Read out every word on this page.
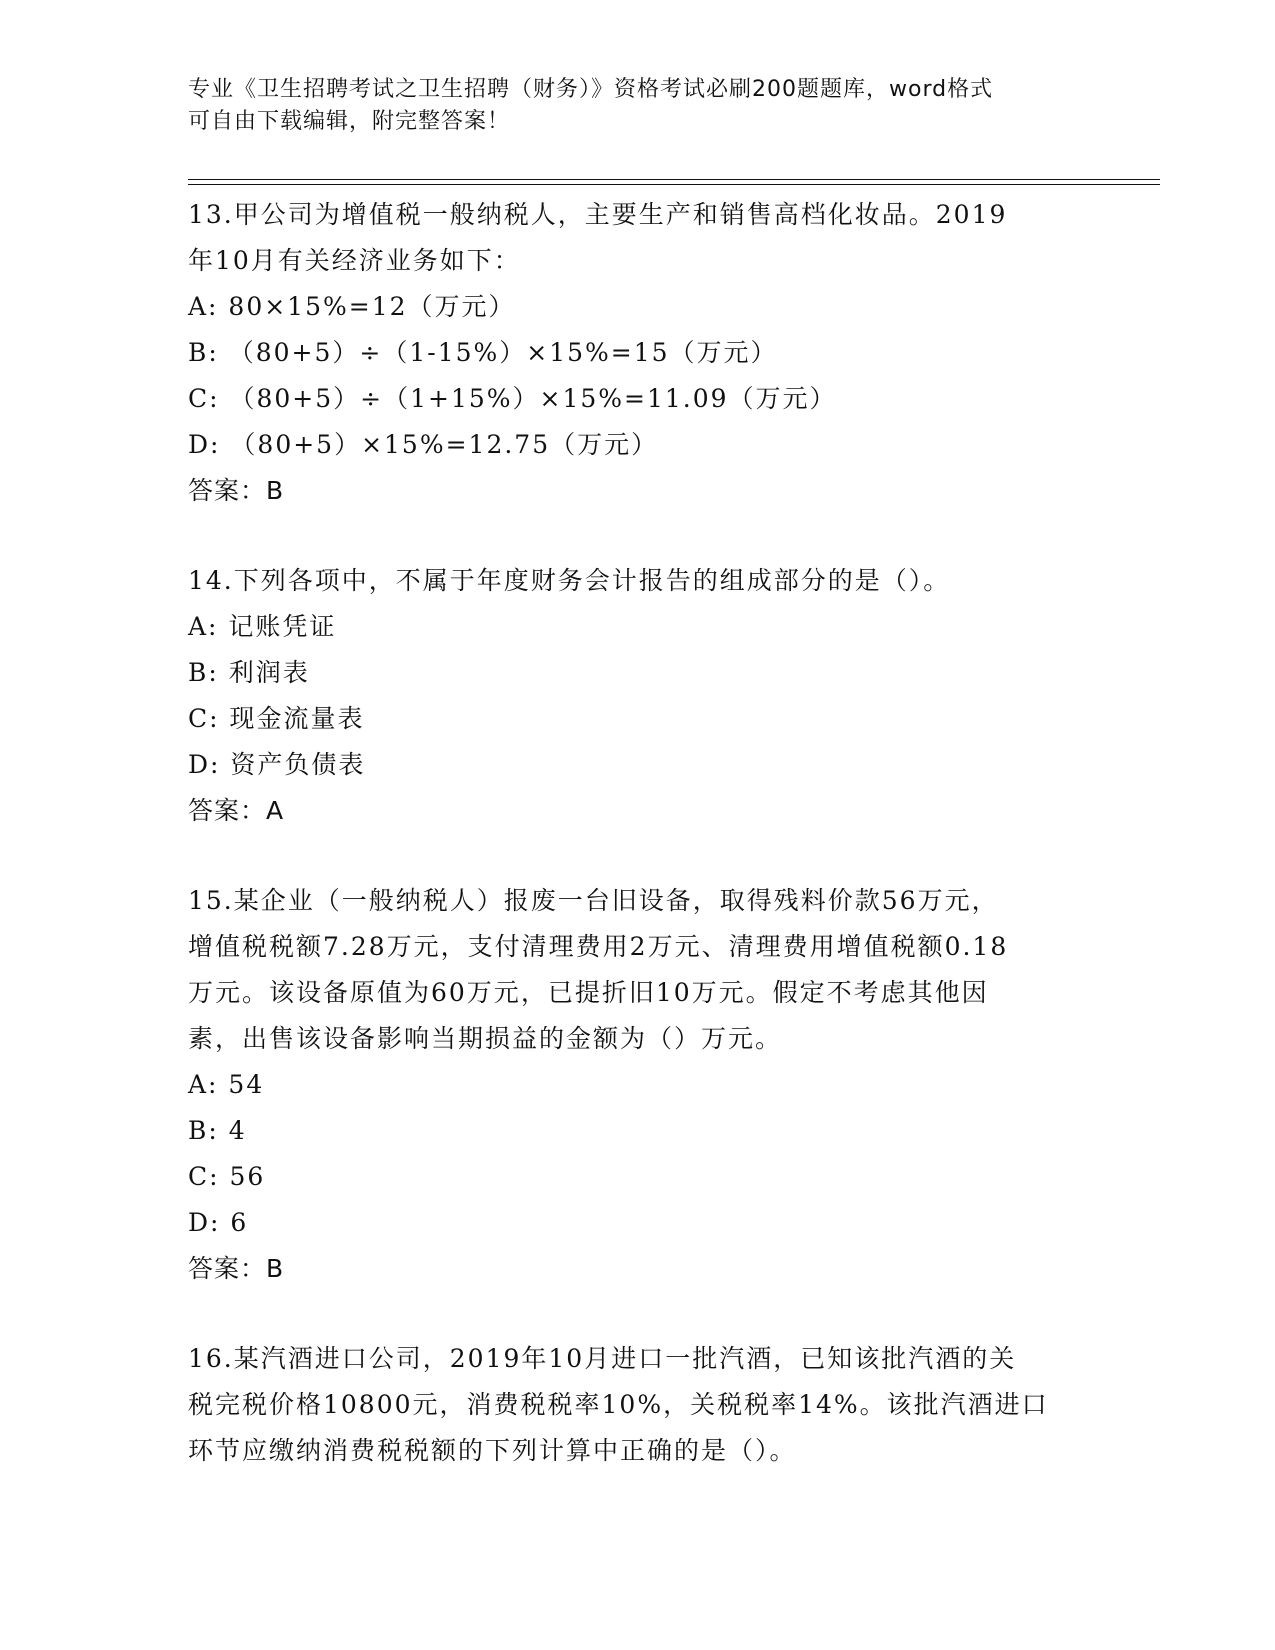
专业《卫生招聘考试之卫生招聘（财务）》资格考试必刷200题题库，word格式
可自由下载编辑，附完整答案！

13.甲公司为增值税一般纳税人，主要生产和销售高档化妆品。2019

年10月有关经济业务如下：

A: 80×15%=12（万元）

B: （80+5）÷（1-15%）×15%=15（万元）

C: （80+5）÷（1+15%）×15%=11.09（万元）

D: （80+5）×15%=12.75（万元）

答案：B

14.下列各项中，不属于年度财务会计报告的组成部分的是（）。

A: 记账凭证

B: 利润表

C: 现金流量表

D: 资产负债表

答案：A

15.某企业（一般纳税人）报废一台旧设备，取得残料价款56万元，

增值税税额7.28万元，支付清理费用2万元、清理费用增值税额0.18

万元。该设备原值为60万元，已提折旧10万元。假定不考虑其他因

素，出售该设备影响当期损益的金额为（）万元。

A: 54

B: 4

C: 56

D: 6

答案：B

16.某汽酒进口公司，2019年10月进口一批汽酒，已知该批汽酒的关

税完税价格10800元，消费税税率10%，关税税率14%。该批汽酒进口

环节应缴纳消费税税额的下列计算中正确的是（）。
